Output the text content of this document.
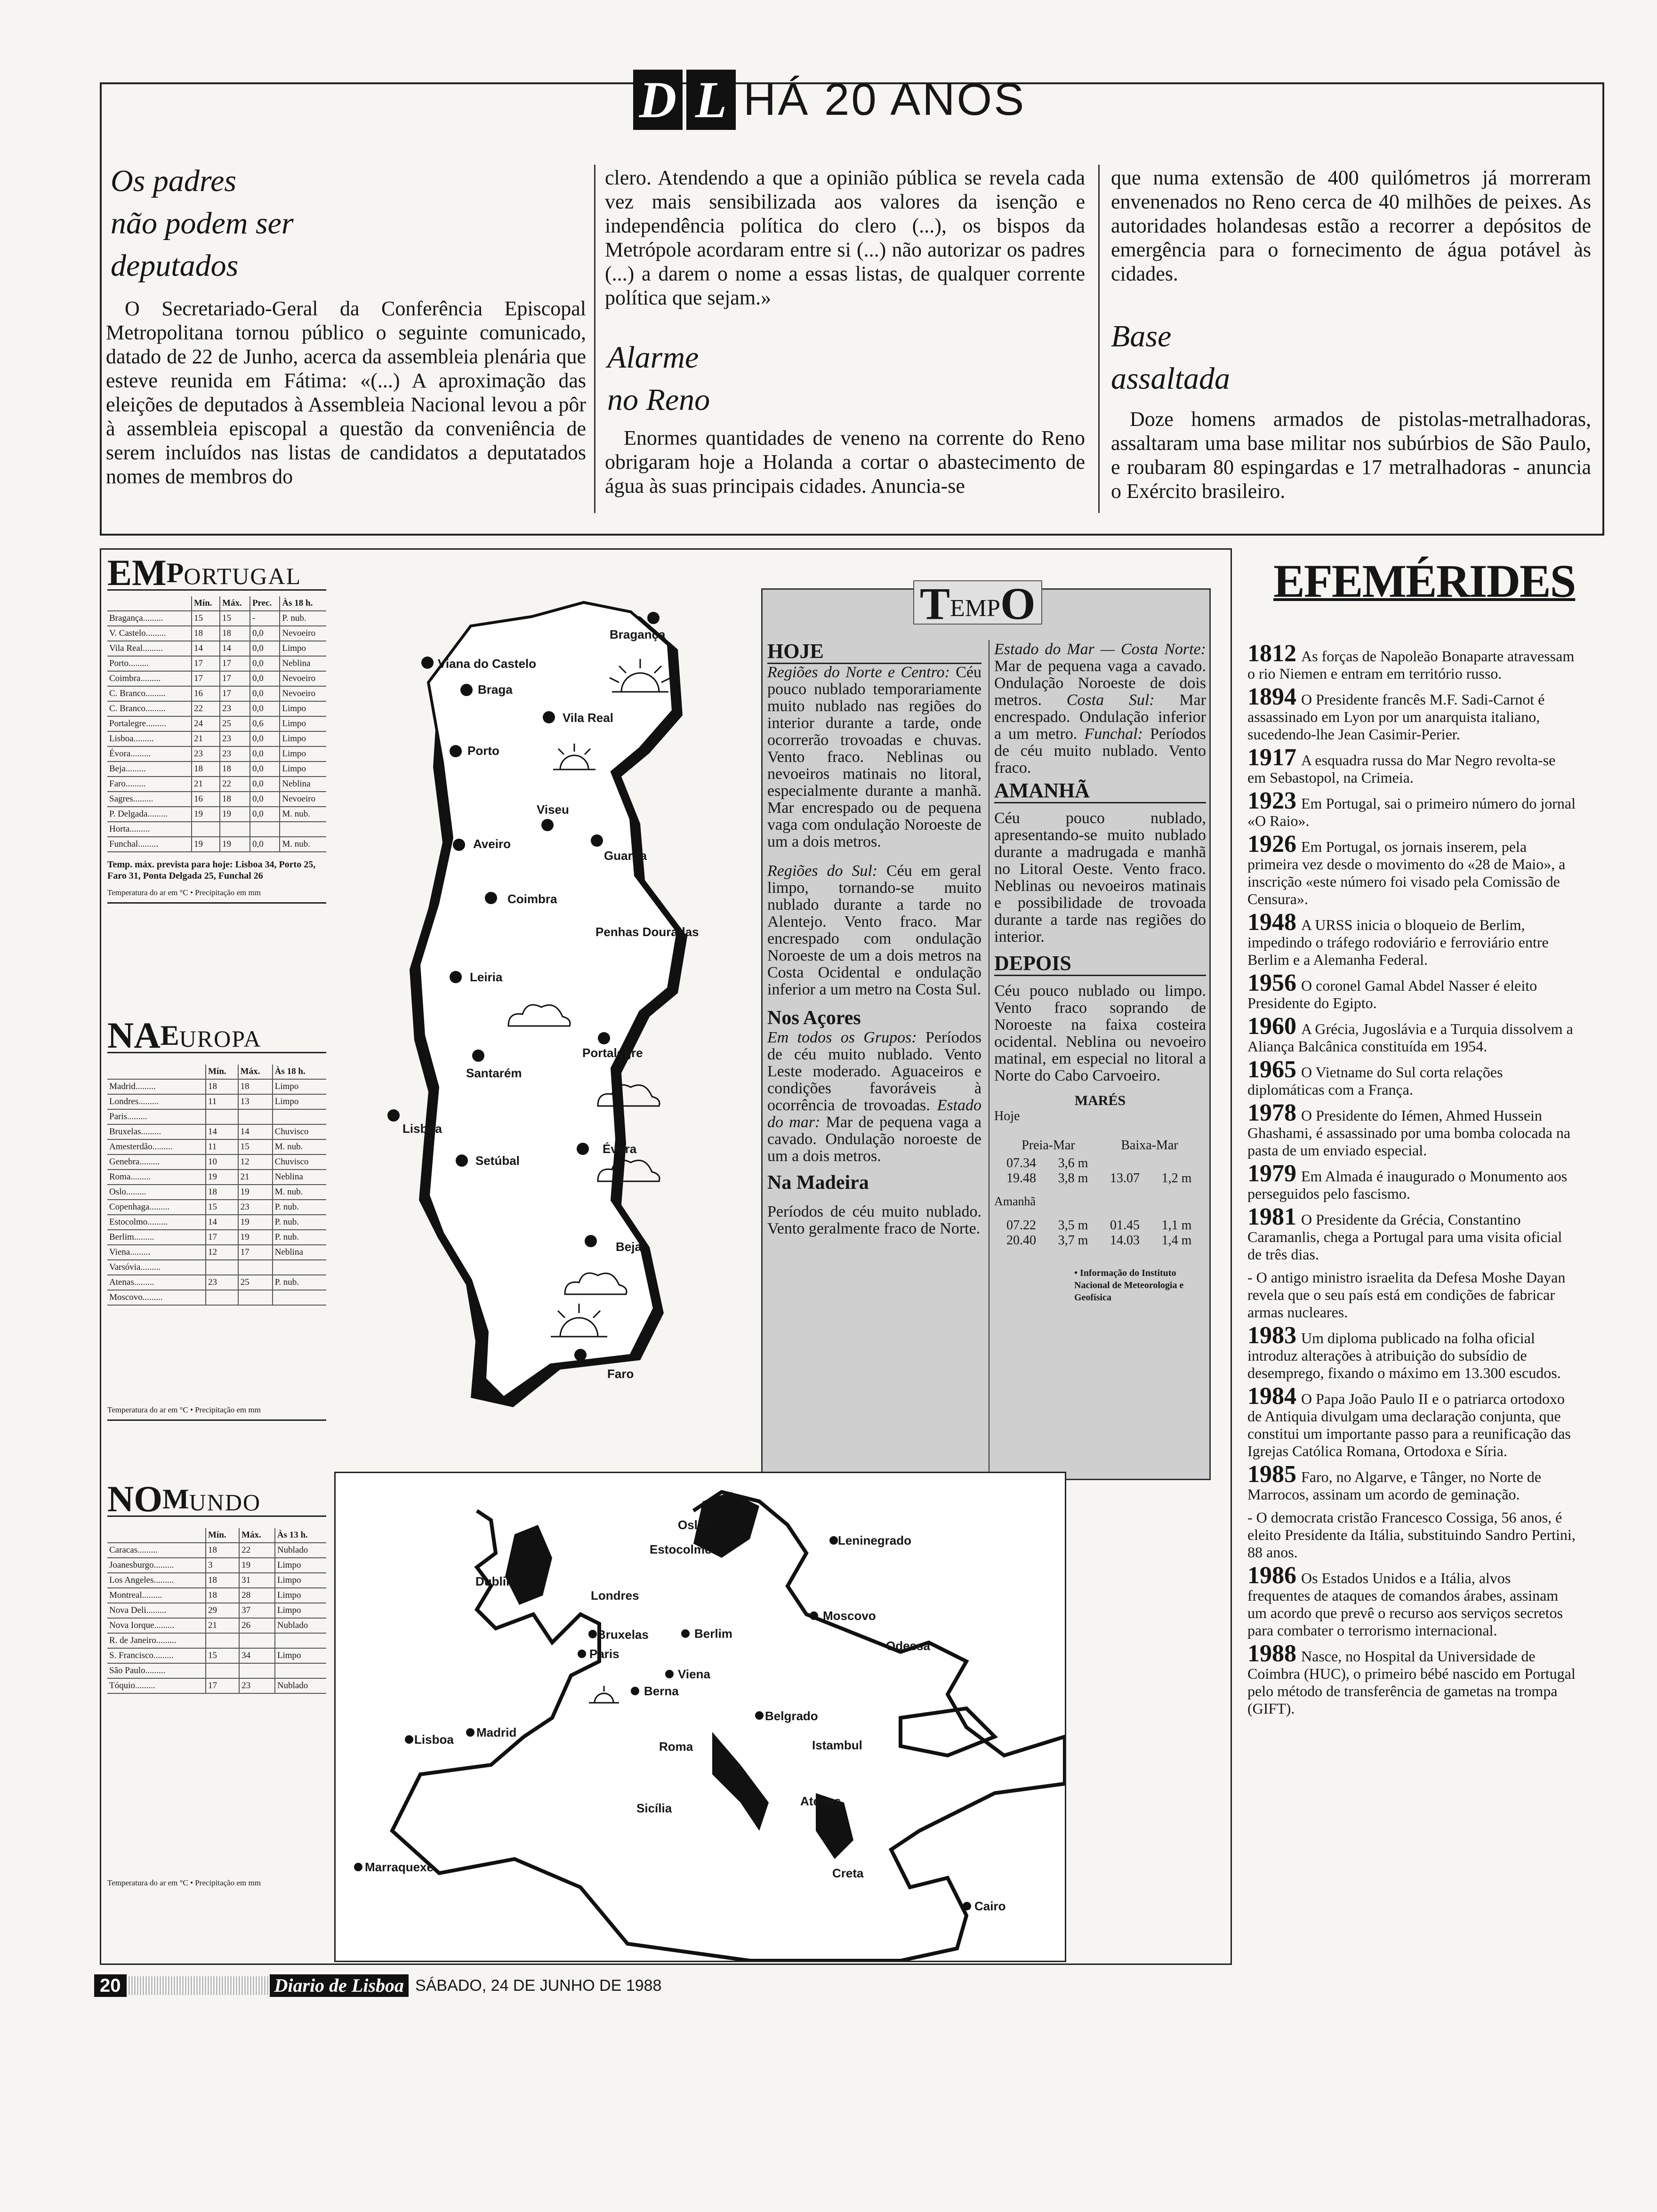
D L HÁ 20 ANOS
Os padres
não podem ser
deputados
O Secretariado-Geral da Conferência Episcopal Metropolitana tornou público o seguinte comunicado, datado de 22 de Junho, acerca da assembleia plenária que esteve reunida em Fátima: «(...) A aproximação das eleições de deputados à Assembleia Nacional levou a pôr à assembleia episcopal a questão da conveniência de serem incluídos nas listas de candidatos a deputatados nomes de membros do
clero. Atendendo a que a opinião pública se revela cada vez mais sensibilizada aos valores da isenção e independência política do clero (...), os bispos da Metrópole acordaram entre si (...) não autorizar os padres (...) a darem o nome a essas listas, de qualquer corrente política que sejam.»
Alarme
no Reno
Enormes quantidades de veneno na corrente do Reno obrigaram hoje a Holanda a cortar o abastecimento de água às suas principais cidades. Anuncia-se
que numa extensão de 400 quilómetros já morreram envenenados no Reno cerca de 40 milhões de peixes. As autoridades holandesas estão a recorrer a depósitos de emergência para o fornecimento de água potável às cidades.
Base
assaltada
Doze homens armados de pistolas-metralhadoras, assaltaram uma base militar nos subúrbios de São Paulo, e roubaram 80 espingardas e 17 metralhadoras - anuncia o Exército brasileiro.
EM P ORTUGAL
	Mín.	Máx.	Prec.	Às 18 h.
Bragança.........	15	15	-	P. nub.
V. Castelo.........	18	18	0,0	Nevoeiro
Vila Real.........	14	14	0,0	Limpo
Porto.........	17	17	0,0	Neblina
Coimbra.........	17	17	0,0	Nevoeiro
C. Branco.........	16	17	0,0	Nevoeiro
C. Branco.........	22	23	0,0	Limpo
Portalegre.........	24	25	0,6	Limpo
Lisboa.........	21	23	0,0	Limpo
Évora.........	23	23	0,0	Limpo
Beja.........	18	18	0,0	Limpo
Faro.........	21	22	0,0	Neblina
Sagres.........	16	18	0,0	Nevoeiro
P. Delgada.........	19	19	0,0	M. nub.
Horta.........				
Funchal.........	19	19	0,0	M. nub.
Temp. máx. prevista para hoje: Lisboa 34, Porto 25, Faro 31, Ponta Delgada 25, Funchal 26
Temperatura do ar em °C • Precipitação em mm
NA E UROPA
	Mín.	Máx.	Às 18 h.
Madrid.........	18	18	Limpo
Londres.........	11	13	Limpo
Paris.........			
Bruxelas.........	14	14	Chuvisco
Amesterdão.........	11	15	M. nub.
Genebra.........	10	12	Chuvisco
Roma.........	19	21	Neblina
Oslo.........	18	19	M. nub.
Copenhaga.........	15	23	P. nub.
Estocolmo.........	14	19	P. nub.
Berlim.........	17	19	P. nub.
Viena.........	12	17	Neblina
Varsóvia.........			
Atenas.........	23	25	P. nub.
Moscovo.........			
Temperatura do ar em °C • Precipitação em mm
NO M UNDO
	Mín.	Máx.	Às 13 h.
Caracas.........	18	22	Nublado
Joanesburgo.........	3	19	Limpo
Los Angeles.........	18	31	Limpo
Montreal.........	18	28	Limpo
Nova Deli.........	29	37	Limpo
Nova Iorque.........	21	26	Nublado
R. de Janeiro.........			
S. Francisco.........	15	34	Limpo
São Paulo.........			
Tóquio.........	17	23	Nublado
Temperatura do ar em °C • Precipitação em mm
Bragança
Viana do Castelo
Braga
Vila Real
Porto
Viseu
Guarda
Aveiro
Coimbra
Penhas Douradas
Leiria
Portalegre
Santarém
Lisboa
Setúbal
Évora
Beja
Faro
T EMP O
HOJE
Regiões do Norte e Centro: Céu pouco nublado temporariamente muito nublado nas regiões do interior durante a tarde, onde ocorrerão trovoadas e chuvas. Vento fraco. Neblinas ou nevoeiros matinais no litoral, especialmente durante a manhã. Mar encrespado ou de pequena vaga com ondulação Noroeste de um a dois metros.
Regiões do Sul: Céu em geral limpo, tornando-se muito nublado durante a tarde no Alentejo. Vento fraco. Mar encrespado com ondulação Noroeste de um a dois metros na Costa Ocidental e ondulação inferior a um metro na Costa Sul.
Nos Açores
Em todos os Grupos: Períodos de céu muito nublado. Vento Leste moderado. Aguaceiros e condições favoráveis à ocorrência de trovoadas. Estado do mar: Mar de pequena vaga a cavado. Ondulação noroeste de um a dois metros.
Na Madeira
Períodos de céu muito nublado. Vento geralmente fraco de Norte.
Estado do Mar — Costa Norte: Mar de pequena vaga a cavado. Ondulação Noroeste de dois metros. Costa Sul: Mar encrespado. Ondulação inferior a um metro. Funchal: Períodos de céu muito nublado. Vento fraco.
AMANHÃ
Céu pouco nublado, apresentando-se muito nublado durante a madrugada e manhã no Litoral Oeste. Vento fraco. Neblinas ou nevoeiros matinais e possibilidade de trovoada durante a tarde nas regiões do interior.
DEPOIS
Céu pouco nublado ou limpo. Vento fraco soprando de Noroeste na faixa costeira ocidental. Neblina ou nevoeiro matinal, em especial no litoral a Norte do Cabo Carvoeiro.
MARÉS
Hoje
Preia-Mar	Baixa-Mar
07.34	3,6 m
19.48	3,8 m	13.07	1,2 m
Amanhã
07.22	3,5 m	01.45	1,1 m
20.40	3,7 m	14.03	1,4 m
• Informação do Instituto Nacional de Meteorologia e Geofísica
Oslo
Estocolmo
Leninegrado
Dublin
Londres
Moscovo
Bruxelas	Berlim
Odessa
Paris
Viena
Berna
Belgrado
Lisboa Madrid
Roma	Istambul
Atenas
Sicília
Marraquexe	Creta
Cairo
EFEMÉRIDES
1812 As forças de Napoleão Bonaparte atravessam o rio Niemen e entram em território russo.
1894 O Presidente francês M.F. Sadi-Carnot é assassinado em Lyon por um anarquista italiano, sucedendo-lhe Jean Casimir-Perier.
1917 A esquadra russa do Mar Negro revolta-se em Sebastopol, na Crimeia.
1923 Em Portugal, sai o primeiro número do jornal «O Raio».
1926 Em Portugal, os jornais inserem, pela primeira vez desde o movimento do «28 de Maio», a inscrição «este número foi visado pela Comissão de Censura».
1948 A URSS inicia o bloqueio de Berlim, impedindo o tráfego rodoviário e ferroviário entre Berlim e a Alemanha Federal.
1956 O coronel Gamal Abdel Nasser é eleito Presidente do Egipto.
1960 A Grécia, Jugoslávia e a Turquia dissolvem a Aliança Balcânica constituída em 1954.
1965 O Vietname do Sul corta relações diplomáticas com a França.
1978 O Presidente do Iémen, Ahmed Hussein Ghashami, é assassinado por uma bomba colocada na pasta de um enviado especial.
1979 Em Almada é inaugurado o Monumento aos perseguidos pelo fascismo.
1981 O Presidente da Grécia, Constantino Caramanlis, chega a Portugal para uma visita oficial de três dias.
- O antigo ministro israelita da Defesa Moshe Dayan revela que o seu país está em condições de fabricar armas nucleares.
1983 Um diploma publicado na folha oficial introduz alterações à atribuição do subsídio de desemprego, fixando o máximo em 13.300 escudos.
1984 O Papa João Paulo II e o patriarca ortodoxo de Antiquia divulgam uma declaração conjunta, que constitui um importante passo para a reunificação das Igrejas Católica Romana, Ortodoxa e Síria.
1985 Faro, no Algarve, e Tânger, no Norte de Marrocos, assinam um acordo de geminação.
- O democrata cristão Francesco Cossiga, 56 anos, é eleito Presidente da Itália, substituindo Sandro Pertini, 88 anos.
1986 Os Estados Unidos e a Itália, alvos frequentes de ataques de comandos árabes, assinam um acordo que prevê o recurso aos serviços secretos para combater o terrorismo internacional.
1988 Nasce, no Hospital da Universidade de Coimbra (HUC), o primeiro bébé nascido em Portugal pelo método de transferência de gametas na trompa (GIFT).
20	Diario de Lisboa SÁBADO, 24 DE JUNHO DE 1988
